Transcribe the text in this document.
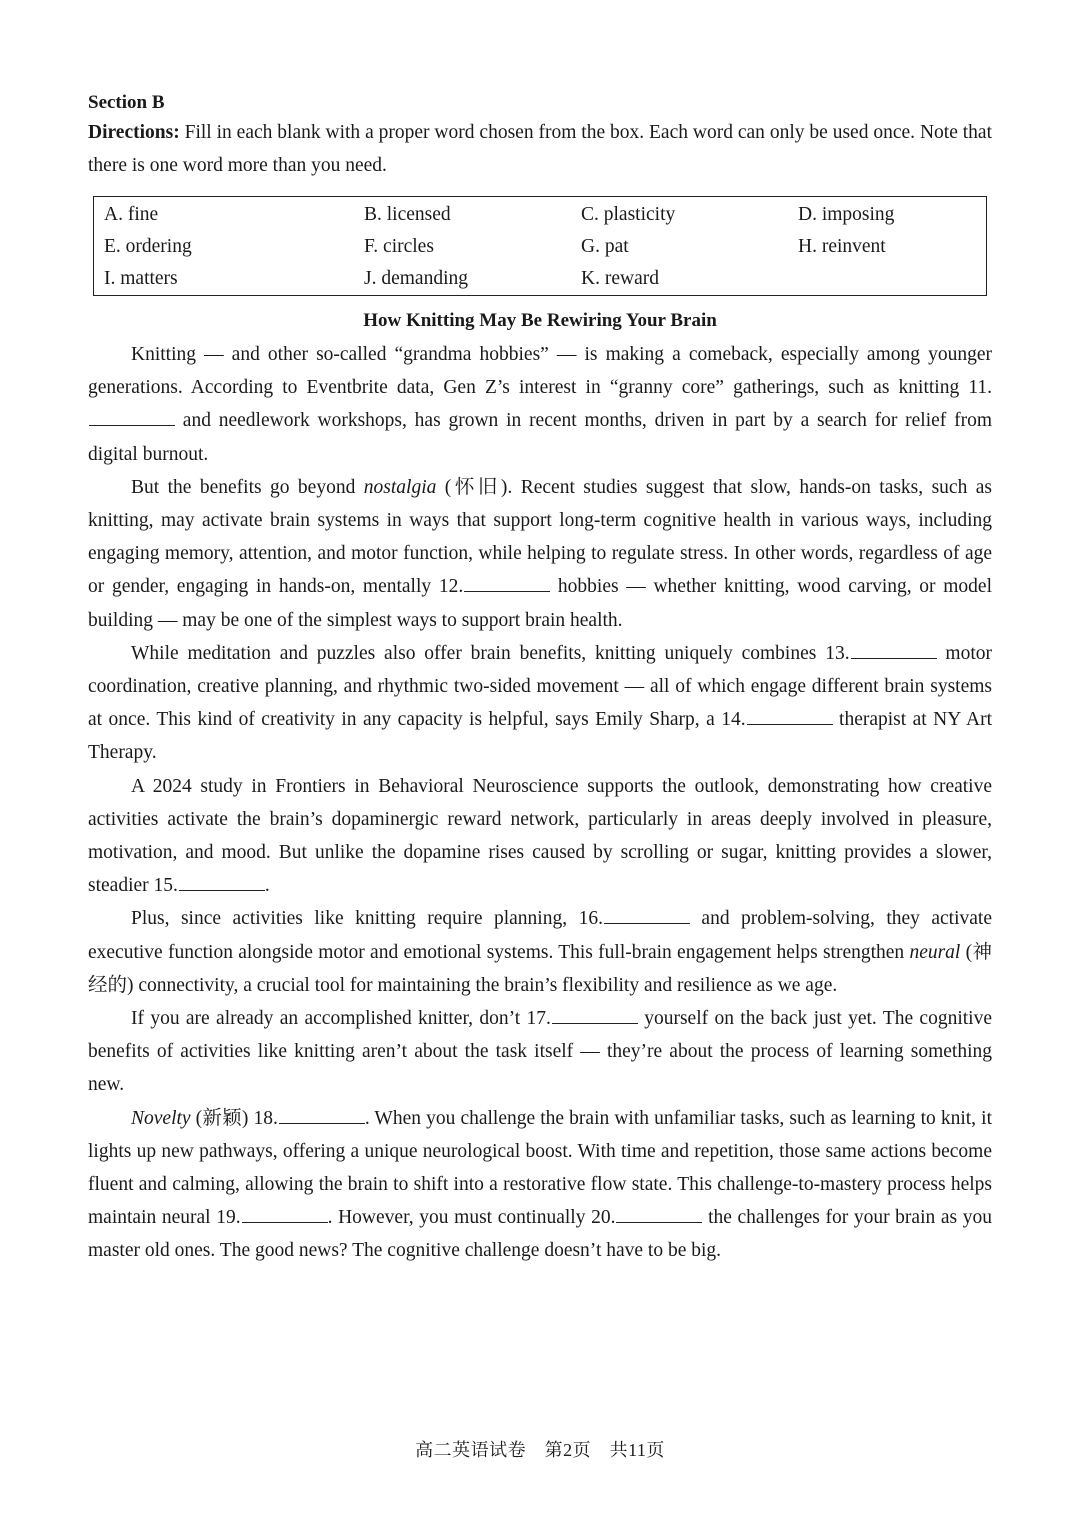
Section B

Directions: Fill in each blank with a proper word chosen from the box. Each word can only be used once. Note that there is one word more than you need.

A. fine	B. licensed	C. plasticity	D. imposing
E. ordering	F. circles	G. pat	H. reinvent
I. matters	J. demanding	K. reward	

How Knitting May Be Rewiring Your Brain

Knitting — and other so-called “grandma hobbies” — is making a comeback, especially among younger generations. According to Eventbrite data, Gen Z’s interest in “granny core” gatherings, such as knitting 11. and needlework workshops, has grown in recent months, driven in part by a search for relief from digital burnout.

But the benefits go beyond nostalgia (怀旧). Recent studies suggest that slow, hands-on tasks, such as knitting, may activate brain systems in ways that support long-term cognitive health in various ways, including engaging memory, attention, and motor function, while helping to regulate stress. In other words, regardless of age or gender, engaging in hands-on, mentally 12.	hobbies — whether knitting, wood carving, or model building — may be one of the simplest ways to support brain health.

While meditation and puzzles also offer brain benefits, knitting uniquely combines 13.	motor coordination, creative planning, and rhythmic two-sided movement — all of which engage different brain systems at once. This kind of creativity in any capacity is helpful, says Emily Sharp, a 14.	therapist at NY Art Therapy.

A 2024 study in Frontiers in Behavioral Neuroscience supports the outlook, demonstrating how creative activities activate the brain’s dopaminergic reward network, particularly in areas deeply involved in pleasure, motivation, and mood. But unlike the dopamine rises caused by scrolling or sugar, knitting provides a slower, steadier 15.	.

Plus, since activities like knitting require planning, 16.	and problem-solving, they activate executive function alongside motor and emotional systems. This full-brain engagement helps strengthen neural (神经的) connectivity, a crucial tool for maintaining the brain’s flexibility and resilience as we age.

If you are already an accomplished knitter, don’t 17.	yourself on the back just yet. The cognitive benefits of activities like knitting aren’t about the task itself — they’re about the process of learning something new.

Novelty (新颖) 18.	. When you challenge the brain with unfamiliar tasks, such as learning to knit, it lights up new pathways, offering a unique neurological boost. With time and repetition, those same actions become fluent and calming, allowing the brain to shift into a restorative flow state. This challenge-to-mastery process helps maintain neural 19.	. However, you must continually 20.	the challenges for your brain as you master old ones. The good news? The cognitive challenge doesn’t have to be big.

高二英语试卷　第2页　共11页
